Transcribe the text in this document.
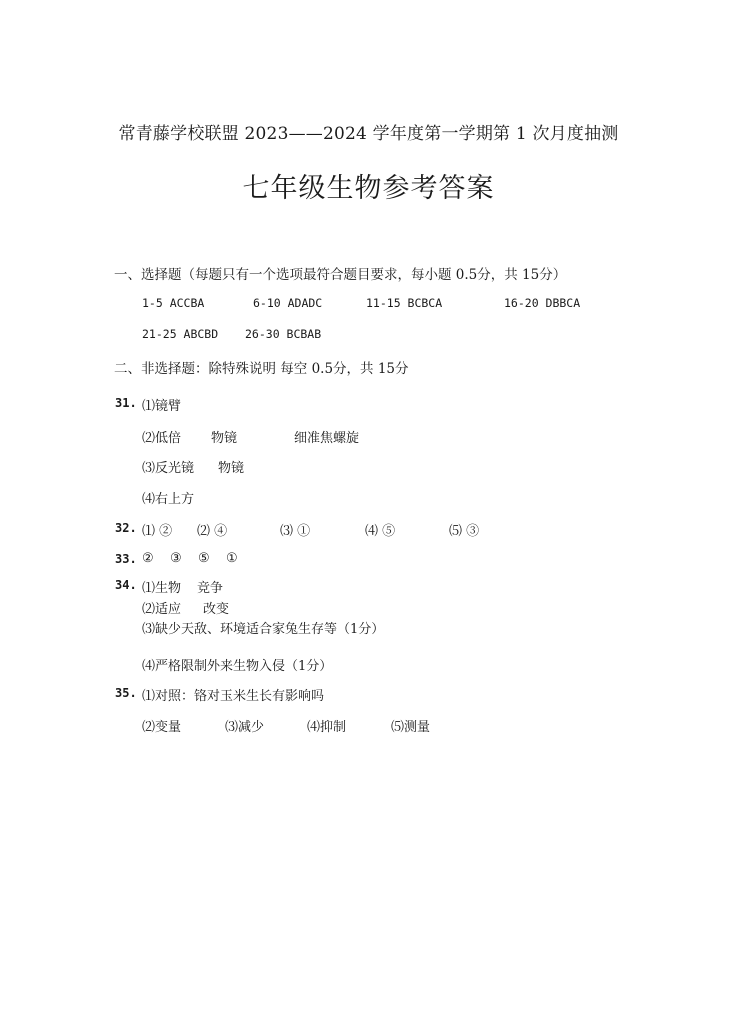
常青藤学校联盟 2023——2024 学年度第一学期第 1 次月度抽测
七年级生物参考答案
一、选择题（每题只有一个选项最符合题目要求，每小题 0.5分，共 15分）
1-5 ACCBA	6-10 ADADC	11-15 BCBCA	16-20 DBBCA
21-25 ABCBD 26-30 BCBAB
二、非选择题：除特殊说明 每空 0.5分，共 15分
31. ⑴镜臂
⑵低倍 物镜	细准焦螺旋
⑶反光镜 物镜
⑷右上方
32. ⑴ ② ⑵ ④	⑶ ①	⑷ ⑤	⑸ ③
33. ② ③ ⑤ ①
34. ⑴生物 竞争
⑵适应 改变
⑶缺少天敌、环境适合家兔生存等（1分）
⑷严格限制外来生物入侵（1分）
35. ⑴对照：铬对玉米生长有影响吗
⑵变量	⑶减少	⑷抑制	⑸测量
